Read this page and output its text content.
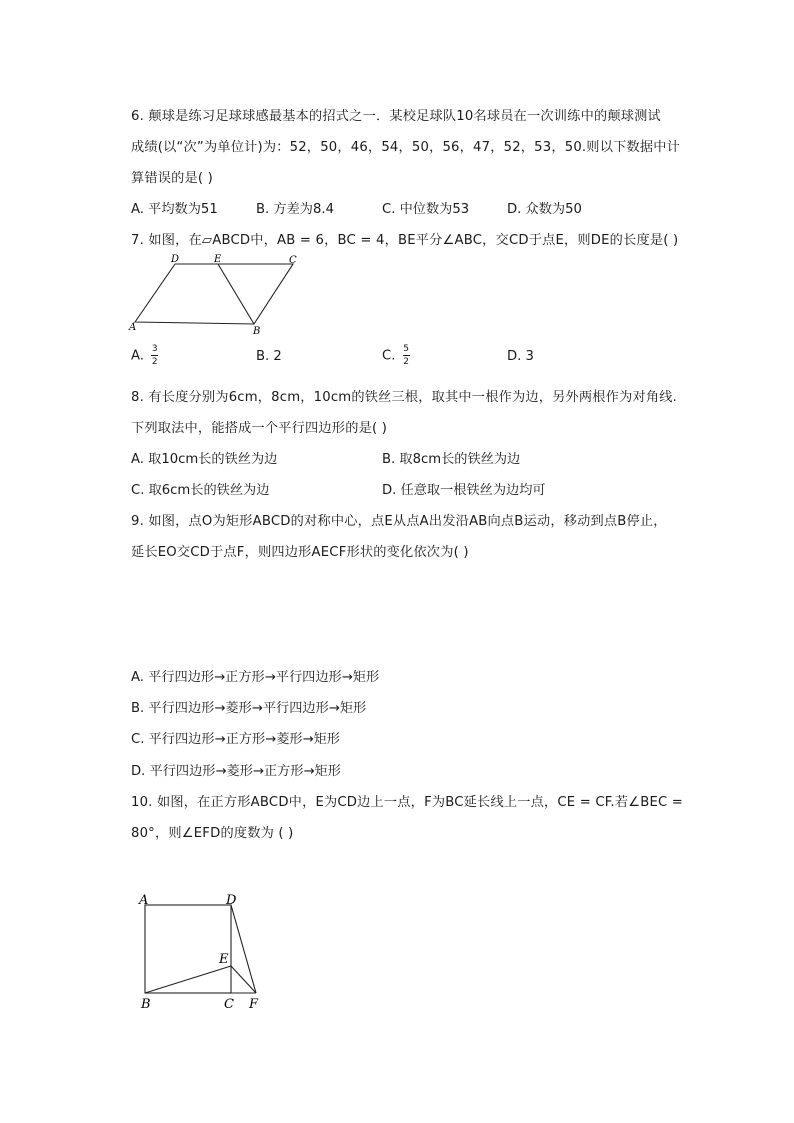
6. 颠球是练习足球球感最基本的招式之一．某校足球队10名球员在一次训练中的颠球测试
成绩(以“次”为单位计)为：52，50，46，54，50，56，47，52，53，50.则以下数据中计
算错误的是( )
A. 平均数为51	B. 方差为8.4	C. 中位数为53	D. 众数为50
7. 如图，在▱ABCD中，AB = 6，BC = 4，BE平分∠ABC，交CD于点E，则DE的长度是( )
A	B
C
D	E
A. $\frac{3}{2}$	B. 2	C. $\frac{5}{2}$	D. 3
8. 有长度分别为6cm，8cm，10cm的铁丝三根，取其中一根作为边，另外两根作为对角线.
下列取法中，能搭成一个平行四边形的是( )
A. 取10cm长的铁丝为边	B. 取8cm长的铁丝为边
C. 取6cm长的铁丝为边	D. 任意取一根铁丝为边均可
9. 如图，点O为矩形ABCD的对称中心，点E从点A出发沿AB向点B运动，移动到点B停止，
延长EO交CD于点F，则四边形AECF形状的变化依次为( )
A. 平行四边形→正方形→平行四边形→矩形
B. 平行四边形→菱形→平行四边形→矩形
C. 平行四边形→正方形→菱形→矩形
D. 平行四边形→菱形→正方形→矩形
10. 如图，在正方形ABCD中，E为CD边上一点，F为BC延长线上一点，CE = CF.若∠BEC =
80°，则∠EFD的度数为 ( )
A	D
E
B	C F
